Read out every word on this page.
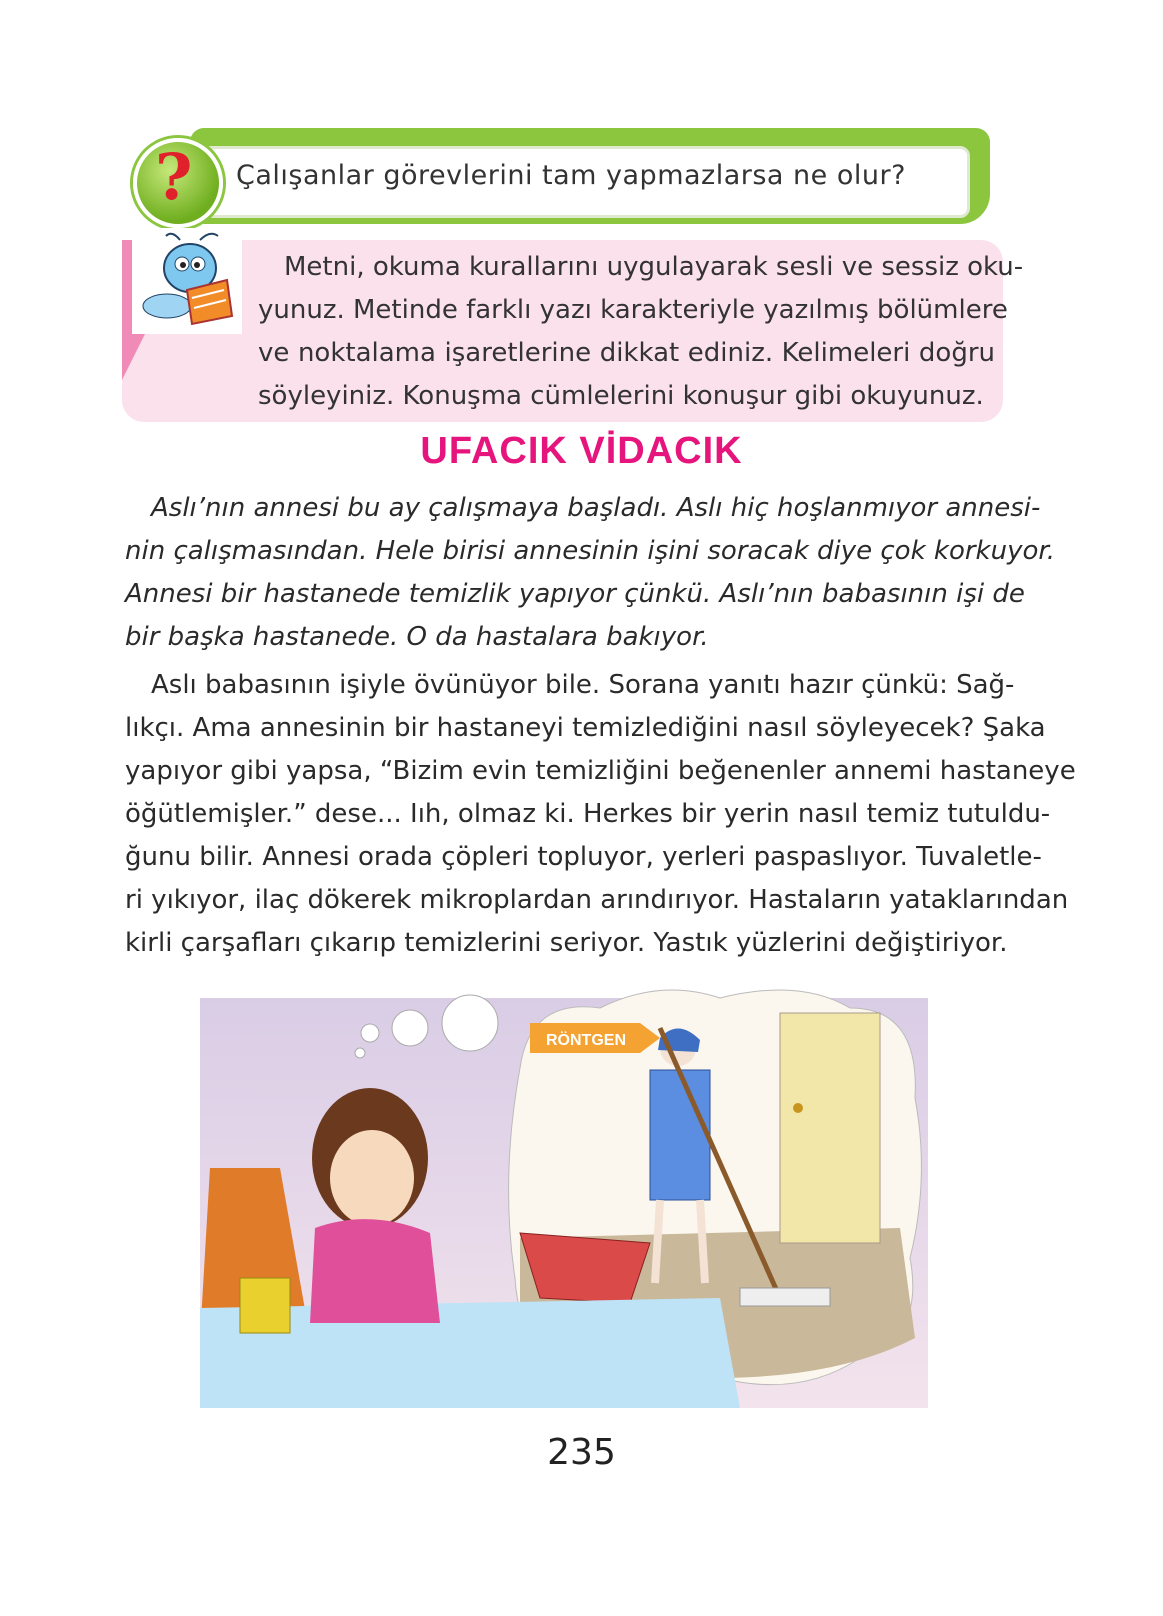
? Çalışanlar görevlerini tam yapmazlarsa ne olur?
Metni, okuma kurallarını uygulayarak sesli ve sessiz oku-
yunuz. Metinde farklı yazı karakteriyle yazılmış bölümlere
ve noktalama işaretlerine dikkat ediniz. Kelimeleri doğru
söyleyiniz. Konuşma cümlelerini konuşur gibi okuyunuz.
UFACIK VİDACIK
Aslı’nın annesi bu ay çalışmaya başladı. Aslı hiç hoşlanmıyor annesi-
nin çalışmasından. Hele birisi annesinin işini soracak diye çok korkuyor.
Annesi bir hastanede temizlik yapıyor çünkü. Aslı’nın babasının işi de
bir başka hastanede. O da hastalara bakıyor.
Aslı babasının işiyle övünüyor bile. Sorana yanıtı hazır çünkü: Sağ-
lıkçı. Ama annesinin bir hastaneyi temizlediğini nasıl söyleyecek? Şaka
yapıyor gibi yapsa, “Bizim evin temizliğini beğenenler annemi hastaneye
öğütlemişler.” dese... Iıh, olmaz ki. Herkes bir yerin nasıl temiz tutuldu-
ğunu bilir. Annesi orada çöpleri topluyor, yerleri paspaslıyor. Tuvaletle-
ri yıkıyor, ilaç dökerek mikroplardan arındırıyor. Hastaların yataklarından
kirli çarşafları çıkarıp temizlerini seriyor. Yastık yüzlerini değiştiriyor.
RÖNTGEN
235
